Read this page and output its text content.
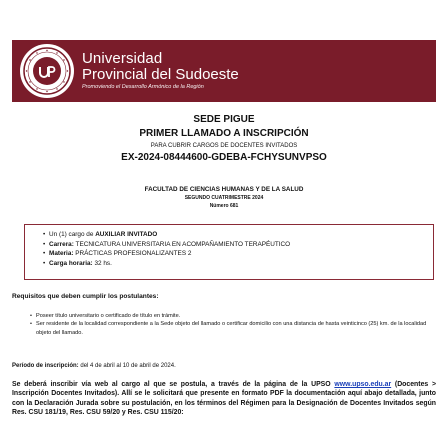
Universidad
Provincial del Sudoeste
Promoviendo el Desarrollo Armónico de la Región
SEDE PIGUE
PRIMER LLAMADO A INSCRIPCIÓN
PARA CUBRIR CARGOS DE DOCENTES INVITADOS
EX-2024-08444600-GDEBA-FCHYSUNVPSO
FACULTAD DE CIENCIAS HUMANAS Y DE LA SALUD
SEGUNDO CUATRIMESTRE 2024
Número 681
• Un (1) cargo de AUXILIAR INVITADO
• Carrera: TECNICATURA UNIVERSITARIA EN ACOMPAÑAMIENTO TERAPÉUTICO
• Materia: PRÁCTICAS PROFESIONALIZANTES 2
• Carga horaria: 32 hs.
Requisitos que deben cumplir los postulantes:
• Poseer título universitario o certificado de título en trámite.
• Ser residente de la localidad correspondiente a la Sede objeto del llamado o certificar domicilio con una distancia de hasta veinticinco (25) km. de la localidad objeto del llamado.
Período de inscripción: del 4 de abril al 10 de abril de 2024.
Se deberá inscribir vía web al cargo al que se postula, a través de la página de la UPSO www.upso.edu.ar (Docentes > Inscripción Docentes Invitados). Allí se le solicitará que presente en formato PDF la documentación aquí abajo detallada, junto con la Declaración Jurada sobre su postulación, en los términos del Régimen para la Designación de Docentes Invitados según Res. CSU 181/19, Res. CSU 59/20 y Res. CSU 115/20:
